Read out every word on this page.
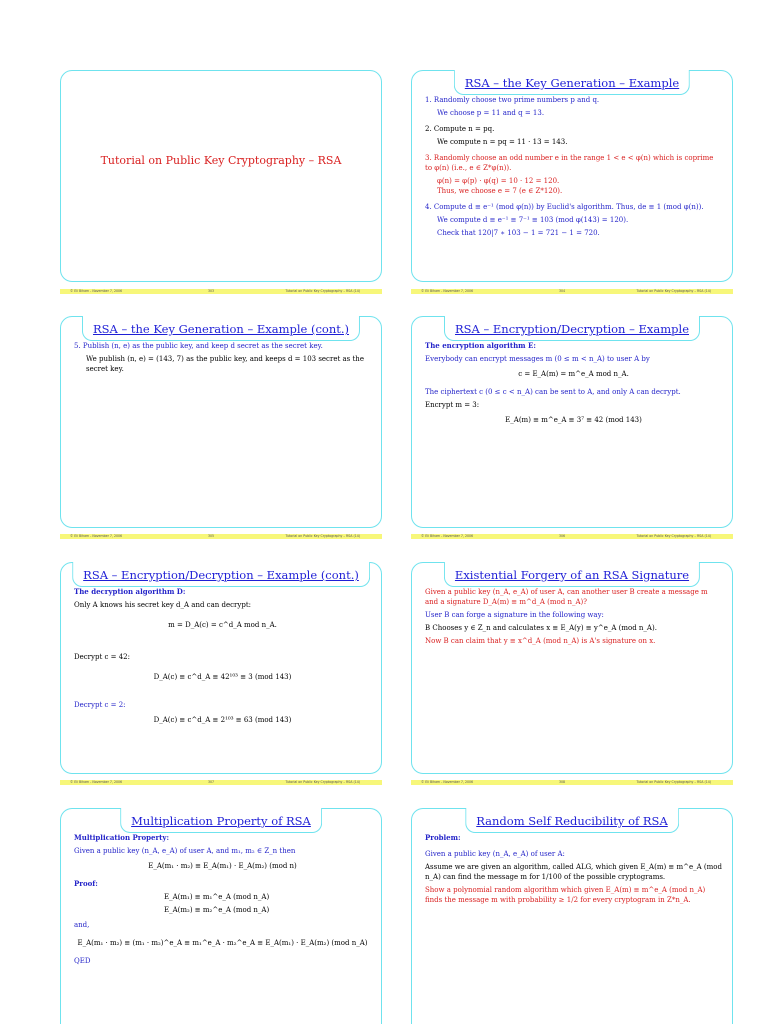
Tutorial on Public Key Cryptography – RSA
RSA – the Key Generation – Example
1. Randomly choose two prime numbers p and q.
We choose p = 11 and q = 13.
2. Compute n = pq.
We compute n = pq = 11 · 13 = 143.
3. Randomly choose an odd number e in the range 1 < e < φ(n) which is coprime to φ(n) (i.e., e ∈ Z*φ(n)).
φ(n) = φ(p) · φ(q) = 10 · 12 = 120.
Thus, we choose e = 7 (e ∈ Z*120).
4. Compute d ≡ e⁻¹ (mod φ(n)) by Euclid's algorithm. Thus, de ≡ 1 (mod φ(n)).
We compute d ≡ e⁻¹ ≡ 7⁻¹ ≡ 103 (mod φ(143) = 120).
Check that 120|7 ∗ 103 − 1 = 721 − 1 = 720.
RSA – the Key Generation – Example (cont.)
5. Publish (n, e) as the public key, and keep d secret as the secret key.
We publish (n, e) = (143, 7) as the public key, and keeps d = 103 secret as the secret key.
RSA – Encryption/Decryption – Example
The encryption algorithm E:
Everybody can encrypt messages m (0 ≤ m < n_A) to user A by
c = E_A(m) = m^e_A mod n_A.
The ciphertext c (0 ≤ c < n_A) can be sent to A, and only A can decrypt.
Encrypt m = 3:
E_A(m) ≡ m^e_A ≡ 3⁷ ≡ 42 (mod 143)
RSA – Encryption/Decryption – Example (cont.)
The decryption algorithm D:
Only A knows his secret key d_A and can decrypt:
m = D_A(c) = c^d_A mod n_A.
Decrypt c = 42:
D_A(c) ≡ c^d_A ≡ 42¹⁰³ ≡ 3 (mod 143)
Decrypt c = 2:
D_A(c) ≡ c^d_A ≡ 2¹⁰³ ≡ 63 (mod 143)
Existential Forgery of an RSA Signature
Given a public key (n_A, e_A) of user A, can another user B create a message m and a signature D_A(m) ≡ m^d_A (mod n_A)?
User B can forge a signature in the following way:
B Chooses y ∈ Z_n and calculates x ≡ E_A(y) ≡ y^e_A (mod n_A).
Now B can claim that y ≡ x^d_A (mod n_A) is A's signature on x.
Multiplication Property of RSA
Multiplication Property:
Given a public key (n_A, e_A) of user A, and m₁, m₂ ∈ Z_n then
E_A(m₁ · m₂) ≡ E_A(m₁) · E_A(m₂) (mod n)
Proof:
E_A(m₁) ≡ m₁^e_A (mod n_A)
E_A(m₂) ≡ m₂^e_A (mod n_A)
and,
E_A(m₁ · m₂) ≡ (m₁ · m₂)^e_A ≡ m₁^e_A · m₂^e_A ≡ E_A(m₁) · E_A(m₂) (mod n_A)
QED
Random Self Reducibility of RSA
Problem:
Given a public key (n_A, e_A) of user A:
Assume we are given an algorithm, called ALG, which given E_A(m) ≡ m^e_A (mod n_A) can find the message m for 1/100 of the possible cryptograms.
Show a polynomial random algorithm which given E_A(m) ≡ m^e_A (mod n_A) finds the message m with probability ≥ 1/2 for every cryptogram in Z*n_A.
© Eli Biham - November 7, 2006	303	Tutorial on Public Key Cryptography – RSA (14)	© Eli Biham - November 7, 2006	304	Tutorial on Public Key Cryptography – RSA (14)
© Eli Biham - November 7, 2006	305	Tutorial on Public Key Cryptography – RSA (14)	© Eli Biham - November 7, 2006	306	Tutorial on Public Key Cryptography – RSA (14)
© Eli Biham - November 7, 2006	307	Tutorial on Public Key Cryptography – RSA (14)	© Eli Biham - November 7, 2006	308	Tutorial on Public Key Cryptography – RSA (14)
